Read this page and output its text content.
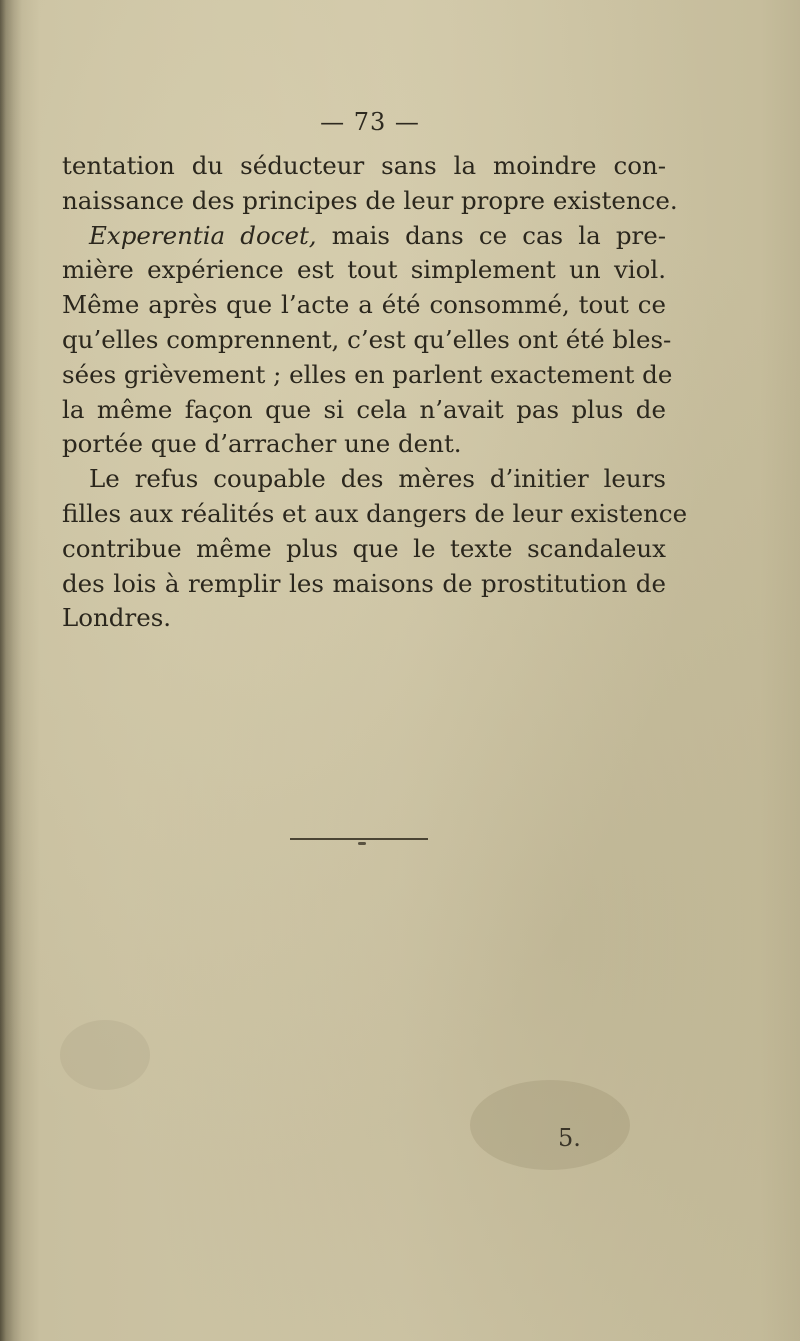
— 73 —
tentation du séducteur sans la moindre con-
naissance des principes de leur propre existence.
Experentia docet, mais dans ce cas la pre-
mière expérience est tout simplement un viol.
Même après que l’acte a été consommé, tout ce
qu’elles comprennent, c’est qu’elles ont été bles-
sées grièvement ; elles en parlent exactement de
la même façon que si cela n’avait pas plus de
portée que d’arracher une dent.
Le refus coupable des mères d’initier leurs
filles aux réalités et aux dangers de leur existence
contribue même plus que le texte scandaleux
des lois à remplir les maisons de prostitution de
Londres.
5.
